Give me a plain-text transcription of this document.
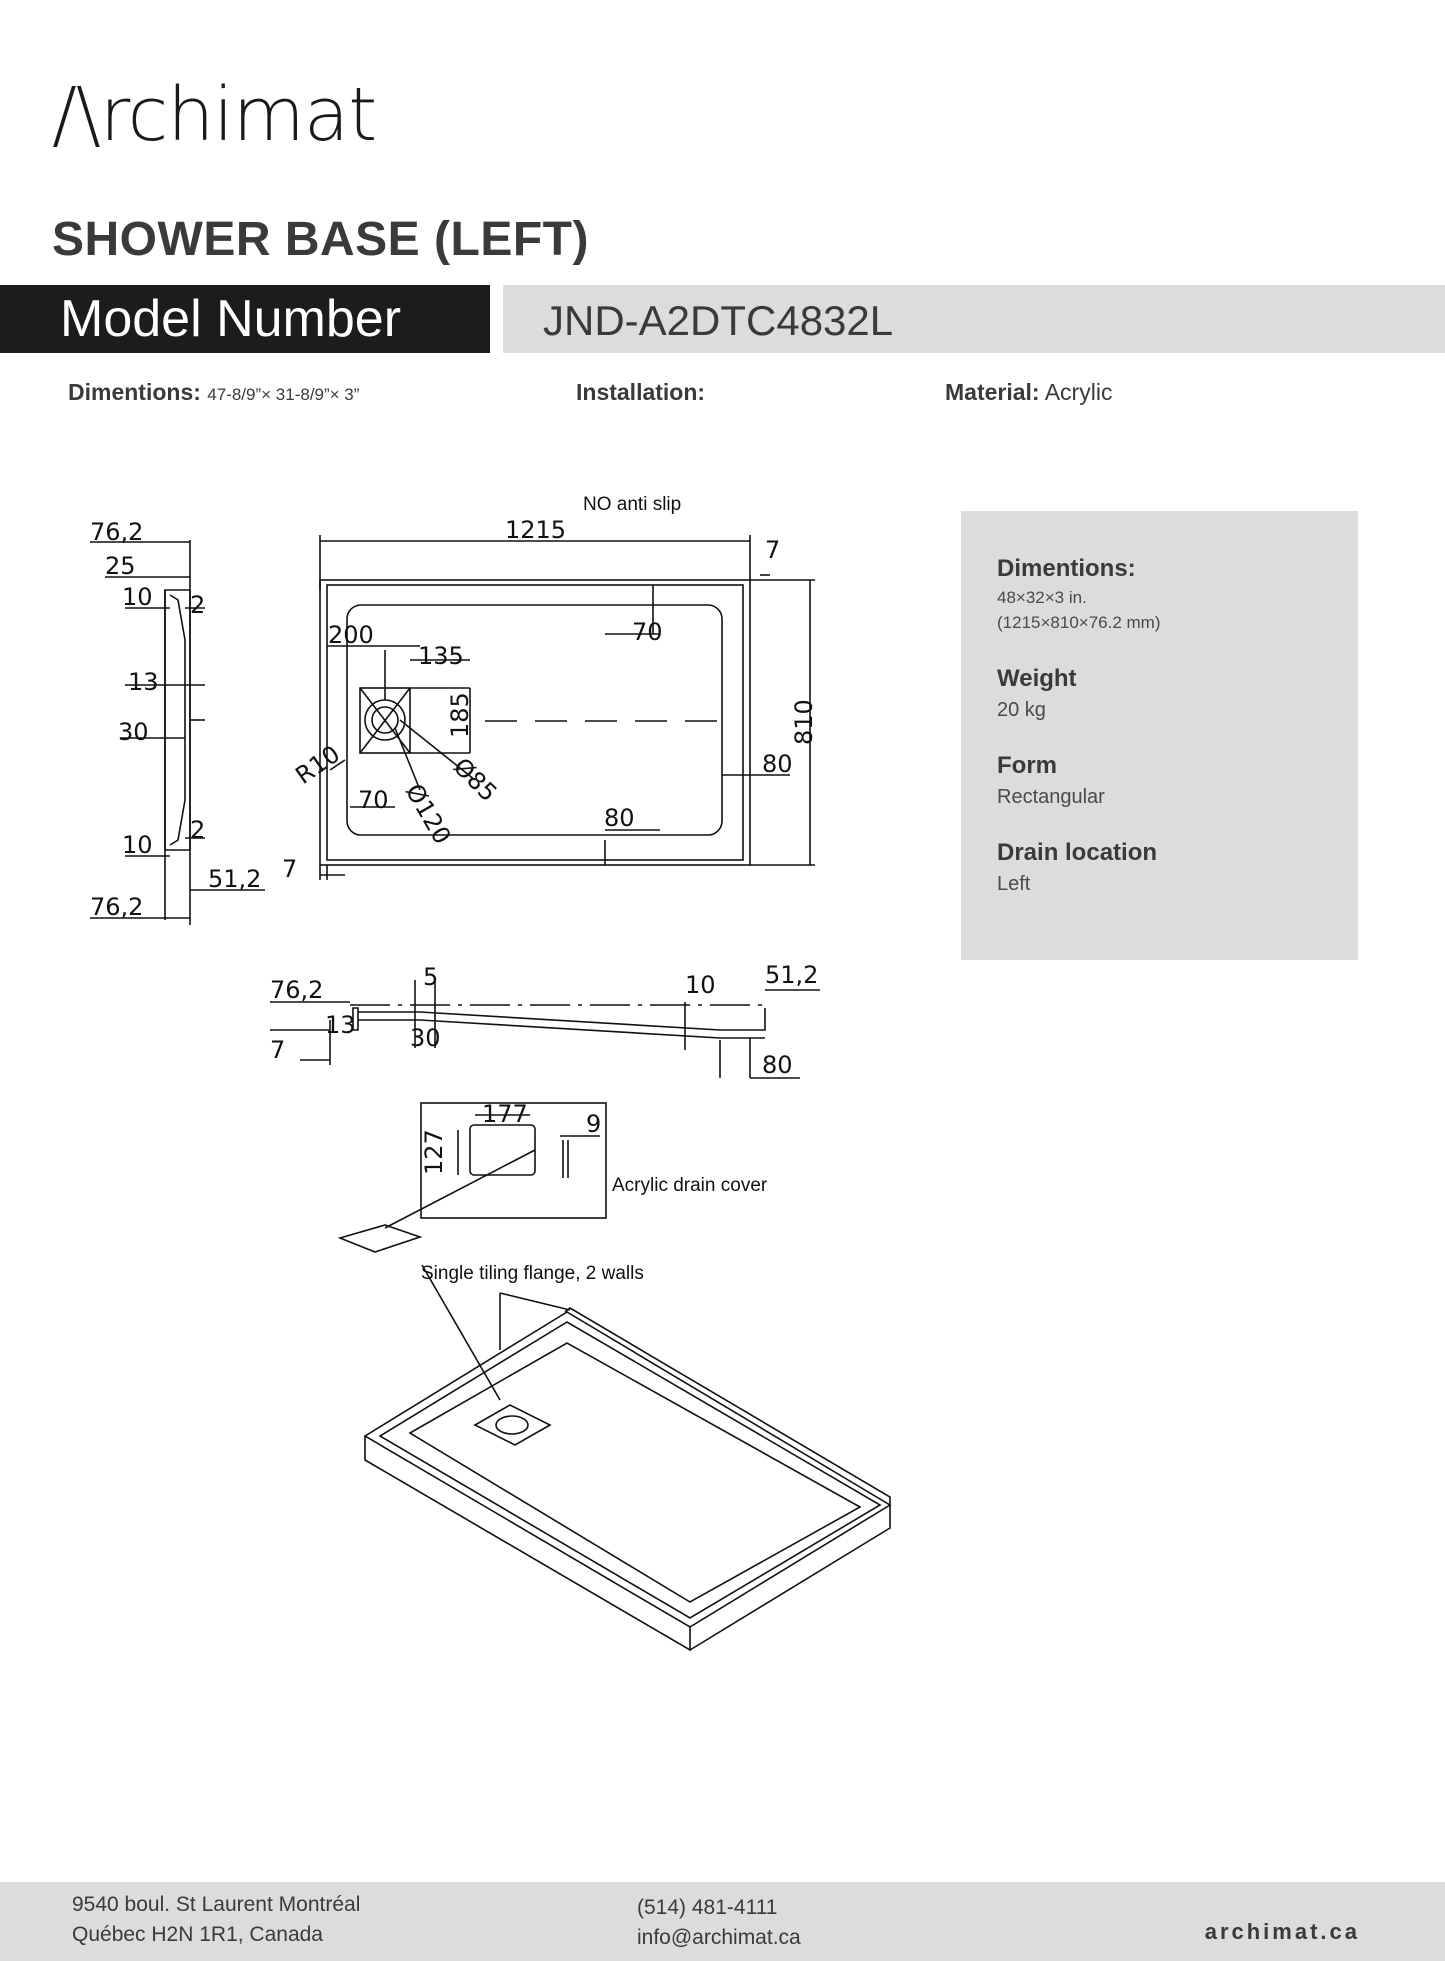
/\rchimat
SHOWER BASE (LEFT)
Model Number	JND-A2DTC4832L
Dimentions: 47-8/9”× 31-8/9”× 3”	Installation:	Material: Acrylic
76,2
25
10 2
13
30
10
2
76,2
51,2 7
1215
7
200
135
70
185	810
R10
70 Ø120
Ø85	80
80
76,2	5	10 51,2
13 30
7
80
177 9
127
NO anti slip
Acrylic drain cover
Single tiling flange, 2 walls
Dimentions:
48×32×3 in.
(1215×810×76.2 mm)
Weight
20 kg
Form
Rectangular
Drain location
Left
9540 boul. St Laurent Montréal
Québec H2N 1R1, Canada
(514) 481-4111
info@archimat.ca	archimat.ca
